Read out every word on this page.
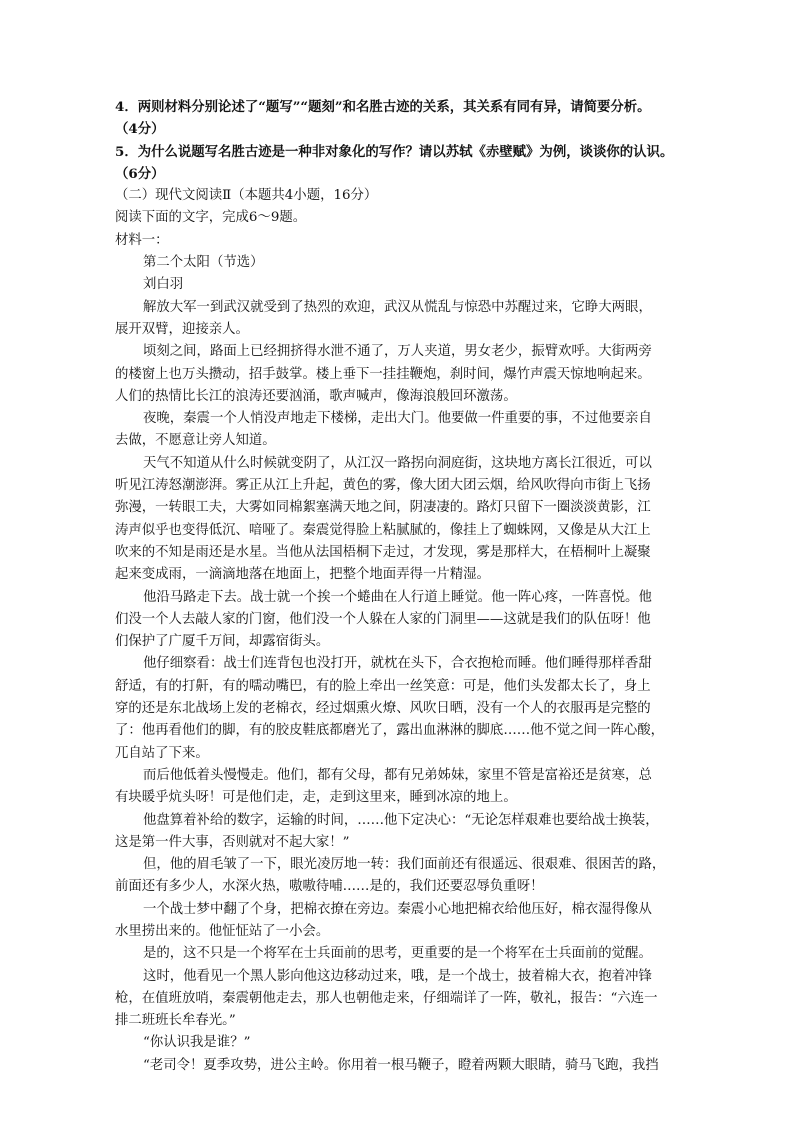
4．两则材料分别论述了“题写”“题刻”和名胜古迹的关系，其关系有同有异，请简要分析。
（4分）
5．为什么说题写名胜古迹是一种非对象化的写作？请以苏轼《赤壁赋》为例，谈谈你的认识。
（6分）
（二）现代文阅读Ⅱ（本题共4小题，16分）
阅读下面的文字，完成6～9题。
材料一：
第二个太阳（节选）
刘白羽
解放大军一到武汉就受到了热烈的欢迎，武汉从慌乱与惊恐中苏醒过来，它睁大两眼，
展开双臂，迎接亲人。
顷刻之间，路面上已经拥挤得水泄不通了，万人夹道，男女老少，振臂欢呼。大街两旁
的楼窗上也万头攒动，招手鼓掌。楼上垂下一挂挂鞭炮，刹时间，爆竹声震天惊地响起来。
人们的热情比长江的浪涛还要汹涌，歌声喊声，像海浪般回环激荡。
夜晚，秦震一个人悄没声地走下楼梯，走出大门。他要做一件重要的事，不过他要亲自
去做，不愿意让旁人知道。
天气不知道从什么时候就变阴了，从江汉一路拐向洞庭街，这块地方离长江很近，可以
听见江涛怒潮澎湃。雾正从江上升起，黄色的雾，像大团大团云烟，给风吹得向市街上飞扬
弥漫，一转眼工夫，大雾如同棉絮塞满天地之间，阴凄凄的。路灯只留下一圈淡淡黄影，江
涛声似乎也变得低沉、喑哑了。秦震觉得脸上粘腻腻的，像挂上了蜘蛛网，又像是从大江上
吹来的不知是雨还是水星。当他从法国梧桐下走过，才发现，雾是那样大，在梧桐叶上凝聚
起来变成雨，一滴滴地落在地面上，把整个地面弄得一片精湿。
他沿马路走下去。战士就一个挨一个蜷曲在人行道上睡觉。他一阵心疼，一阵喜悦。他
们没一个人去敲人家的门窗，他们没一个人躲在人家的门洞里——这就是我们的队伍呀！他
们保护了广厦千万间，却露宿街头。
他仔细察看：战士们连背包也没打开，就枕在头下，合衣抱枪而睡。他们睡得那样香甜
舒适，有的打鼾，有的嚅动嘴巴，有的脸上牵出一丝笑意：可是，他们头发都太长了，身上
穿的还是东北战场上发的老棉衣，经过烟熏火燎、风吹日晒，没有一个人的衣服再是完整的
了：他再看他们的脚，有的胶皮鞋底都磨光了，露出血淋淋的脚底……他不觉之间一阵心酸，
兀自站了下来。
而后他低着头慢慢走。他们，都有父母，都有兄弟姊妹，家里不管是富裕还是贫寒，总
有块暖乎炕头呀！可是他们走，走，走到这里来，睡到冰凉的地上。
他盘算着补给的数字，运输的时间，……他下定决心：“无论怎样艰难也要给战士换装，
这是第一件大事，否则就对不起大家！”
但，他的眉毛皱了一下，眼光凌厉地一转：我们面前还有很遥远、很艰难、很困苦的路，
前面还有多少人，水深火热，嗷嗷待哺……是的，我们还要忍辱负重呀！
一个战士梦中翻了个身，把棉衣撩在旁边。秦震小心地把棉衣给他压好，棉衣湿得像从
水里捞出来的。他怔怔站了一小会。
是的，这不只是一个将军在士兵面前的思考，更重要的是一个将军在士兵面前的觉醒。
这时，他看见一个黑人影向他这边移动过来，哦，是一个战士，披着棉大衣，抱着冲锋
枪，在值班放哨，秦震朝他走去，那人也朝他走来，仔细端详了一阵，敬礼，报告：“六连一
排二班班长牟春光。”
“你认识我是谁？”
“老司令！夏季攻势，进公主岭。你用着一根马鞭子，瞪着两颗大眼睛，骑马飞跑，我挡
